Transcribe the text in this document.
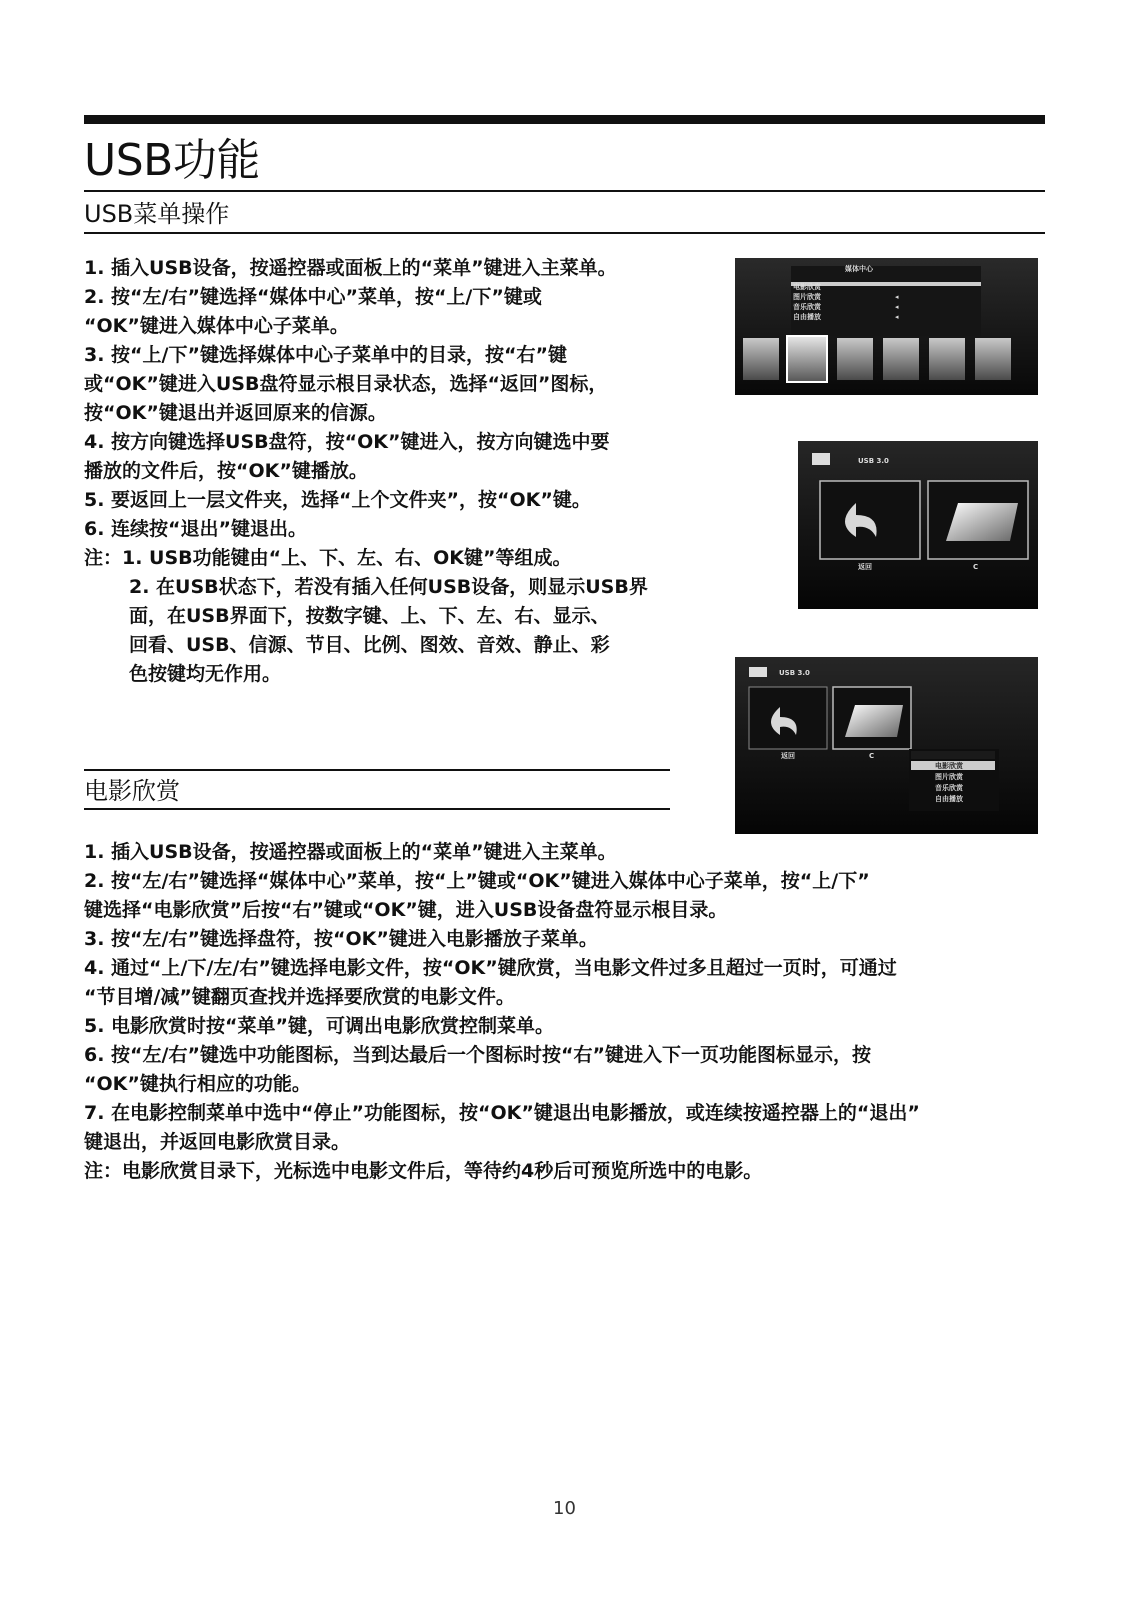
USB功能
USB菜单操作

1. 插入USB设备，按遥控器或面板上的“菜单”键进入主菜单。

2. 按“左/右”键选择“媒体中心”菜单，按“上/下”键或

“OK”键进入媒体中心子菜单。

3. 按“上/下”键选择媒体中心子菜单中的目录，按“右”键

或“OK”键进入USB盘符显示根目录状态，选择“返回”图标，

按“OK”键退出并返回原来的信源。

4. 按方向键选择USB盘符，按“OK”键进入，按方向键选中要

播放的文件后，按“OK”键播放。

5. 要返回上一层文件夹，选择“上个文件夹”，按“OK”键。

6. 连续按“退出”键退出。

注：1. USB功能键由“上、下、左、右、OK键”等组成。

2. 在USB状态下，若没有插入任何USB设备，则显示USB界

面，在USB界面下，按数字键、上、下、左、右、显示、

回看、USB、信源、节目、比例、图效、音效、静止、彩

色按键均无作用。

电影欣赏

1. 插入USB设备，按遥控器或面板上的“菜单”键进入主菜单。

2. 按“左/右”键选择“媒体中心”菜单，按“上”键或“OK”键进入媒体中心子菜单，按“上/下”

键选择“电影欣赏”后按“右”键或“OK”键，进入USB设备盘符显示根目录。

3. 按“左/右”键选择盘符，按“OK”键进入电影播放子菜单。

4. 通过“上/下/左/右”键选择电影文件，按“OK”键欣赏，当电影文件过多且超过一页时，可通过

“节目增/减”键翻页查找并选择要欣赏的电影文件。

5. 电影欣赏时按“菜单”键，可调出电影欣赏控制菜单。

6. 按“左/右”键选中功能图标，当到达最后一个图标时按“右”键进入下一页功能图标显示，按

“OK”键执行相应的功能。

7. 在电影控制菜单中选中“停止”功能图标，按“OK”键退出电影播放，或连续按遥控器上的“退出”

键退出，并返回电影欣赏目录。

注：电影欣赏目录下，光标选中电影文件后，等待约4秒后可预览所选中的电影。

媒体中心
电影欣赏
图片欣赏
音乐欣赏
自由播放
◂
◂
◂
USB 3.0
返回	C
USB 3.0
返回	C
电影欣赏
图片欣赏
音乐欣赏
自由播放
10
